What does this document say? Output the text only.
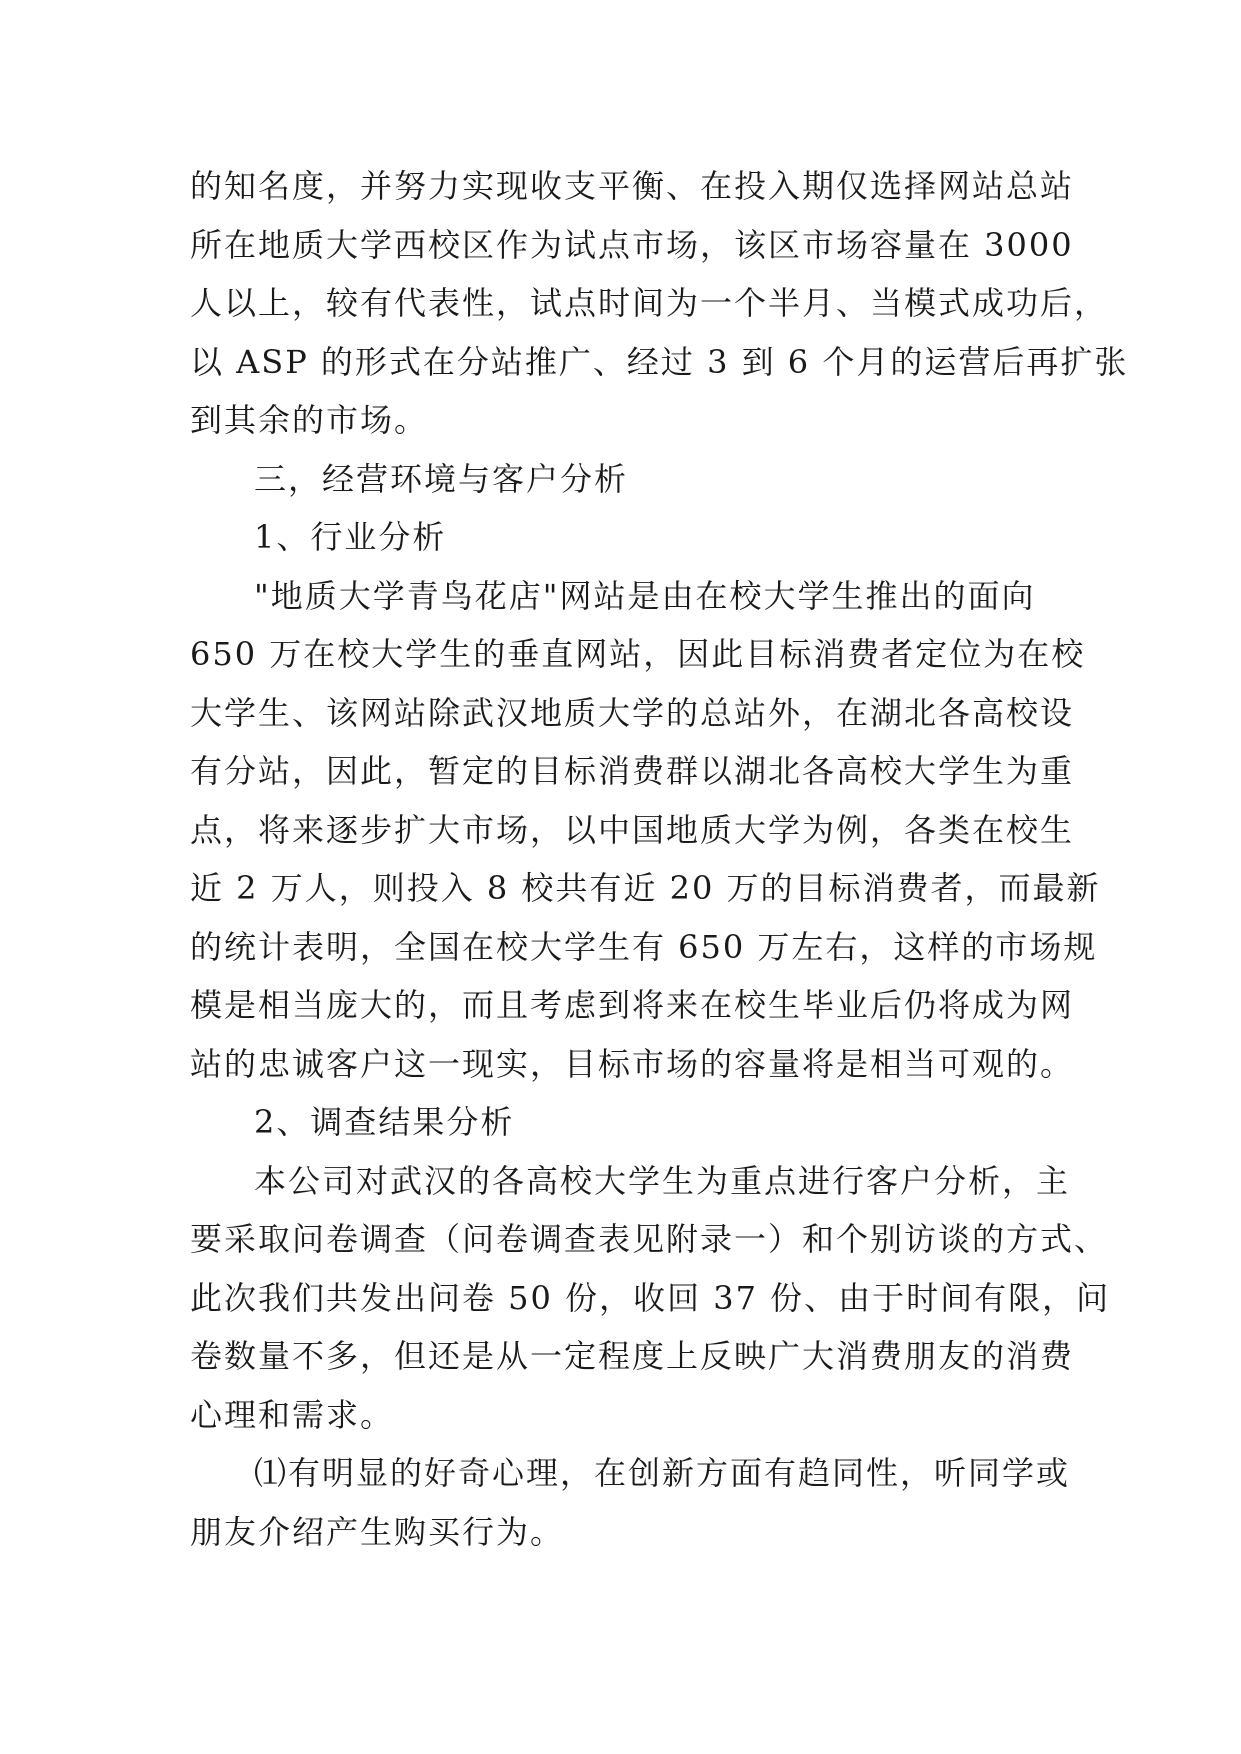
的知名度，并努力实现收支平衡、在投入期仅选择网站总站
所在地质大学西校区作为试点市场，该区市场容量在 3000
人以上，较有代表性，试点时间为一个半月、当模式成功后，
以 ASP 的形式在分站推广、经过 3 到 6 个月的运营后再扩张
到其余的市场。
三，经营环境与客户分析
1、行业分析
"地质大学青鸟花店"网站是由在校大学生推出的面向
650 万在校大学生的垂直网站，因此目标消费者定位为在校
大学生、该网站除武汉地质大学的总站外，在湖北各高校设
有分站，因此，暂定的目标消费群以湖北各高校大学生为重
点，将来逐步扩大市场，以中国地质大学为例，各类在校生
近 2 万人，则投入 8 校共有近 20 万的目标消费者，而最新
的统计表明，全国在校大学生有 650 万左右，这样的市场规
模是相当庞大的，而且考虑到将来在校生毕业后仍将成为网
站的忠诚客户这一现实，目标市场的容量将是相当可观的。
2、调查结果分析
本公司对武汉的各高校大学生为重点进行客户分析，主
要采取问卷调查（问卷调查表见附录一）和个别访谈的方式、
此次我们共发出问卷 50 份，收回 37 份、由于时间有限，问
卷数量不多，但还是从一定程度上反映广大消费朋友的消费
心理和需求。
⑴有明显的好奇心理，在创新方面有趋同性，听同学或
朋友介绍产生购买行为。
